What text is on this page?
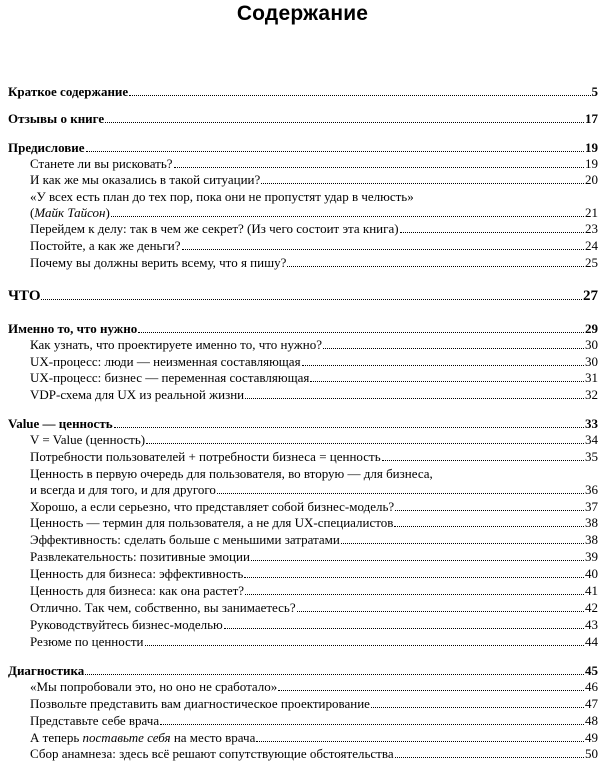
Содержание
Краткое содержание	5
Отзывы о книге	17
Предисловие	19
Станете ли вы рисковать?	19
И как же мы оказались в такой ситуации?	20
«У всех есть план до тех пор, пока они не пропустят удар в челюсть»
(Майк Тайсон)	21
Перейдем к делу: так в чем же секрет? (Из чего состоит эта книга)	23
Постойте, а как же деньги?	24
Почему вы должны верить всему, что я пишу?	25
ЧТО	27
Именно то, что нужно	29
Как узнать, что проектируете именно то, что нужно?	30
UX-процесс: люди — неизменная составляющая	30
UX-процесс: бизнес — переменная составляющая	31
VDP-схема для UX из реальной жизни	32
Value — ценность	33
V = Value (ценность)	34
Потребности пользователей + потребности бизнеса = ценность	35
Ценность в первую очередь для пользователя, во вторую — для бизнеса,
и всегда и для того, и для другого	36
Хорошо, а если серьезно, что представляет собой бизнес-модель?	37
Ценность — термин для пользователя, а не для UX-специалистов	38
Эффективность: сделать больше с меньшими затратами	38
Развлекательность: позитивные эмоции	39
Ценность для бизнеса: эффективность	40
Ценность для бизнеса: как она растет?	41
Отлично. Так чем, собственно, вы занимаетесь?	42
Руководствуйтесь бизнес-моделью	43
Резюме по ценности	44
Диагностика	45
«Мы попробовали это, но оно не сработало»	46
Позвольте представить вам диагностическое проектирование	47
Представьте себе врача	48
А теперь поставьте себя на место врача	49
Сбор анамнеза: здесь всё решают сопутствующие обстоятельства	50
